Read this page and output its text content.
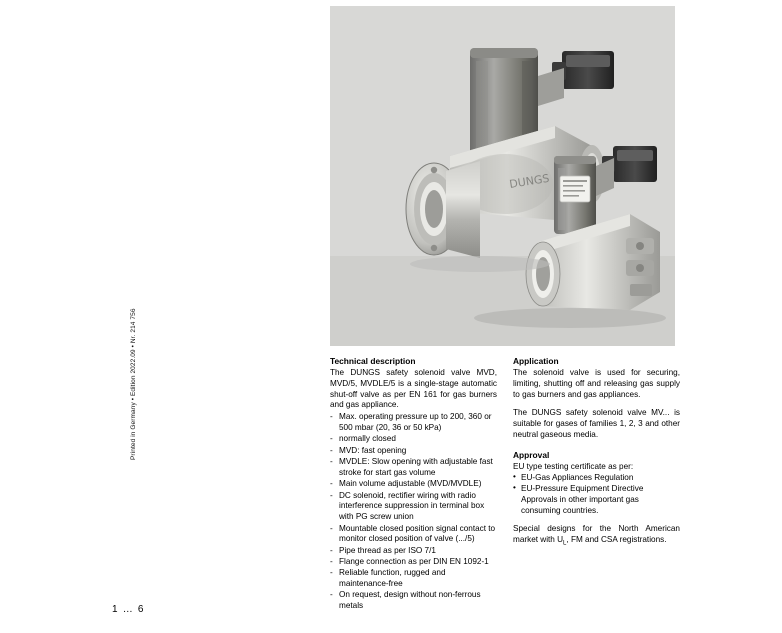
Printed in Germany • Edition 2022.09 • Nr. 214 756
1 … 6
DUNGS
Technical description

The DUNGS safety solenoid valve MVD, MVD/5, MVDLE/5 is a single-stage automatic shut-off valve as per EN 161 for gas burners and gas appliance.

- Max. operating pressure up to 200, 360 or 500 mbar (20, 36 or 50 kPa)
- normally closed
- MVD: fast opening
- MVDLE: Slow opening with adjustable fast stroke for start gas volume
- Main volume adjustable (MVD/MVDLE)
- DC solenoid, rectifier wiring with radio interference suppression in terminal box with PG screw union
- Mountable closed position signal contact to monitor closed position of valve (.../5)
- Pipe thread as per ISO 7/1
- Flange connection as per DIN EN 1092-1
- Reliable function, rugged and maintenance-free
- On request, design without non-ferrous metals
Application

The solenoid valve is used for securing, limiting, shutting off and releasing gas supply to gas burners and gas appliances.

The DUNGS safety solenoid valve MV... is suitable for gases of families 1, 2, 3 and other neutral gaseous media.

Approval

EU type testing certificate as per:

• EU-Gas Appliances Regulation
• EU-Pressure Equipment Directive Approvals in other important gas consuming countries.

Special designs for the North American market with $U_L$, FM and CSA registrations.
